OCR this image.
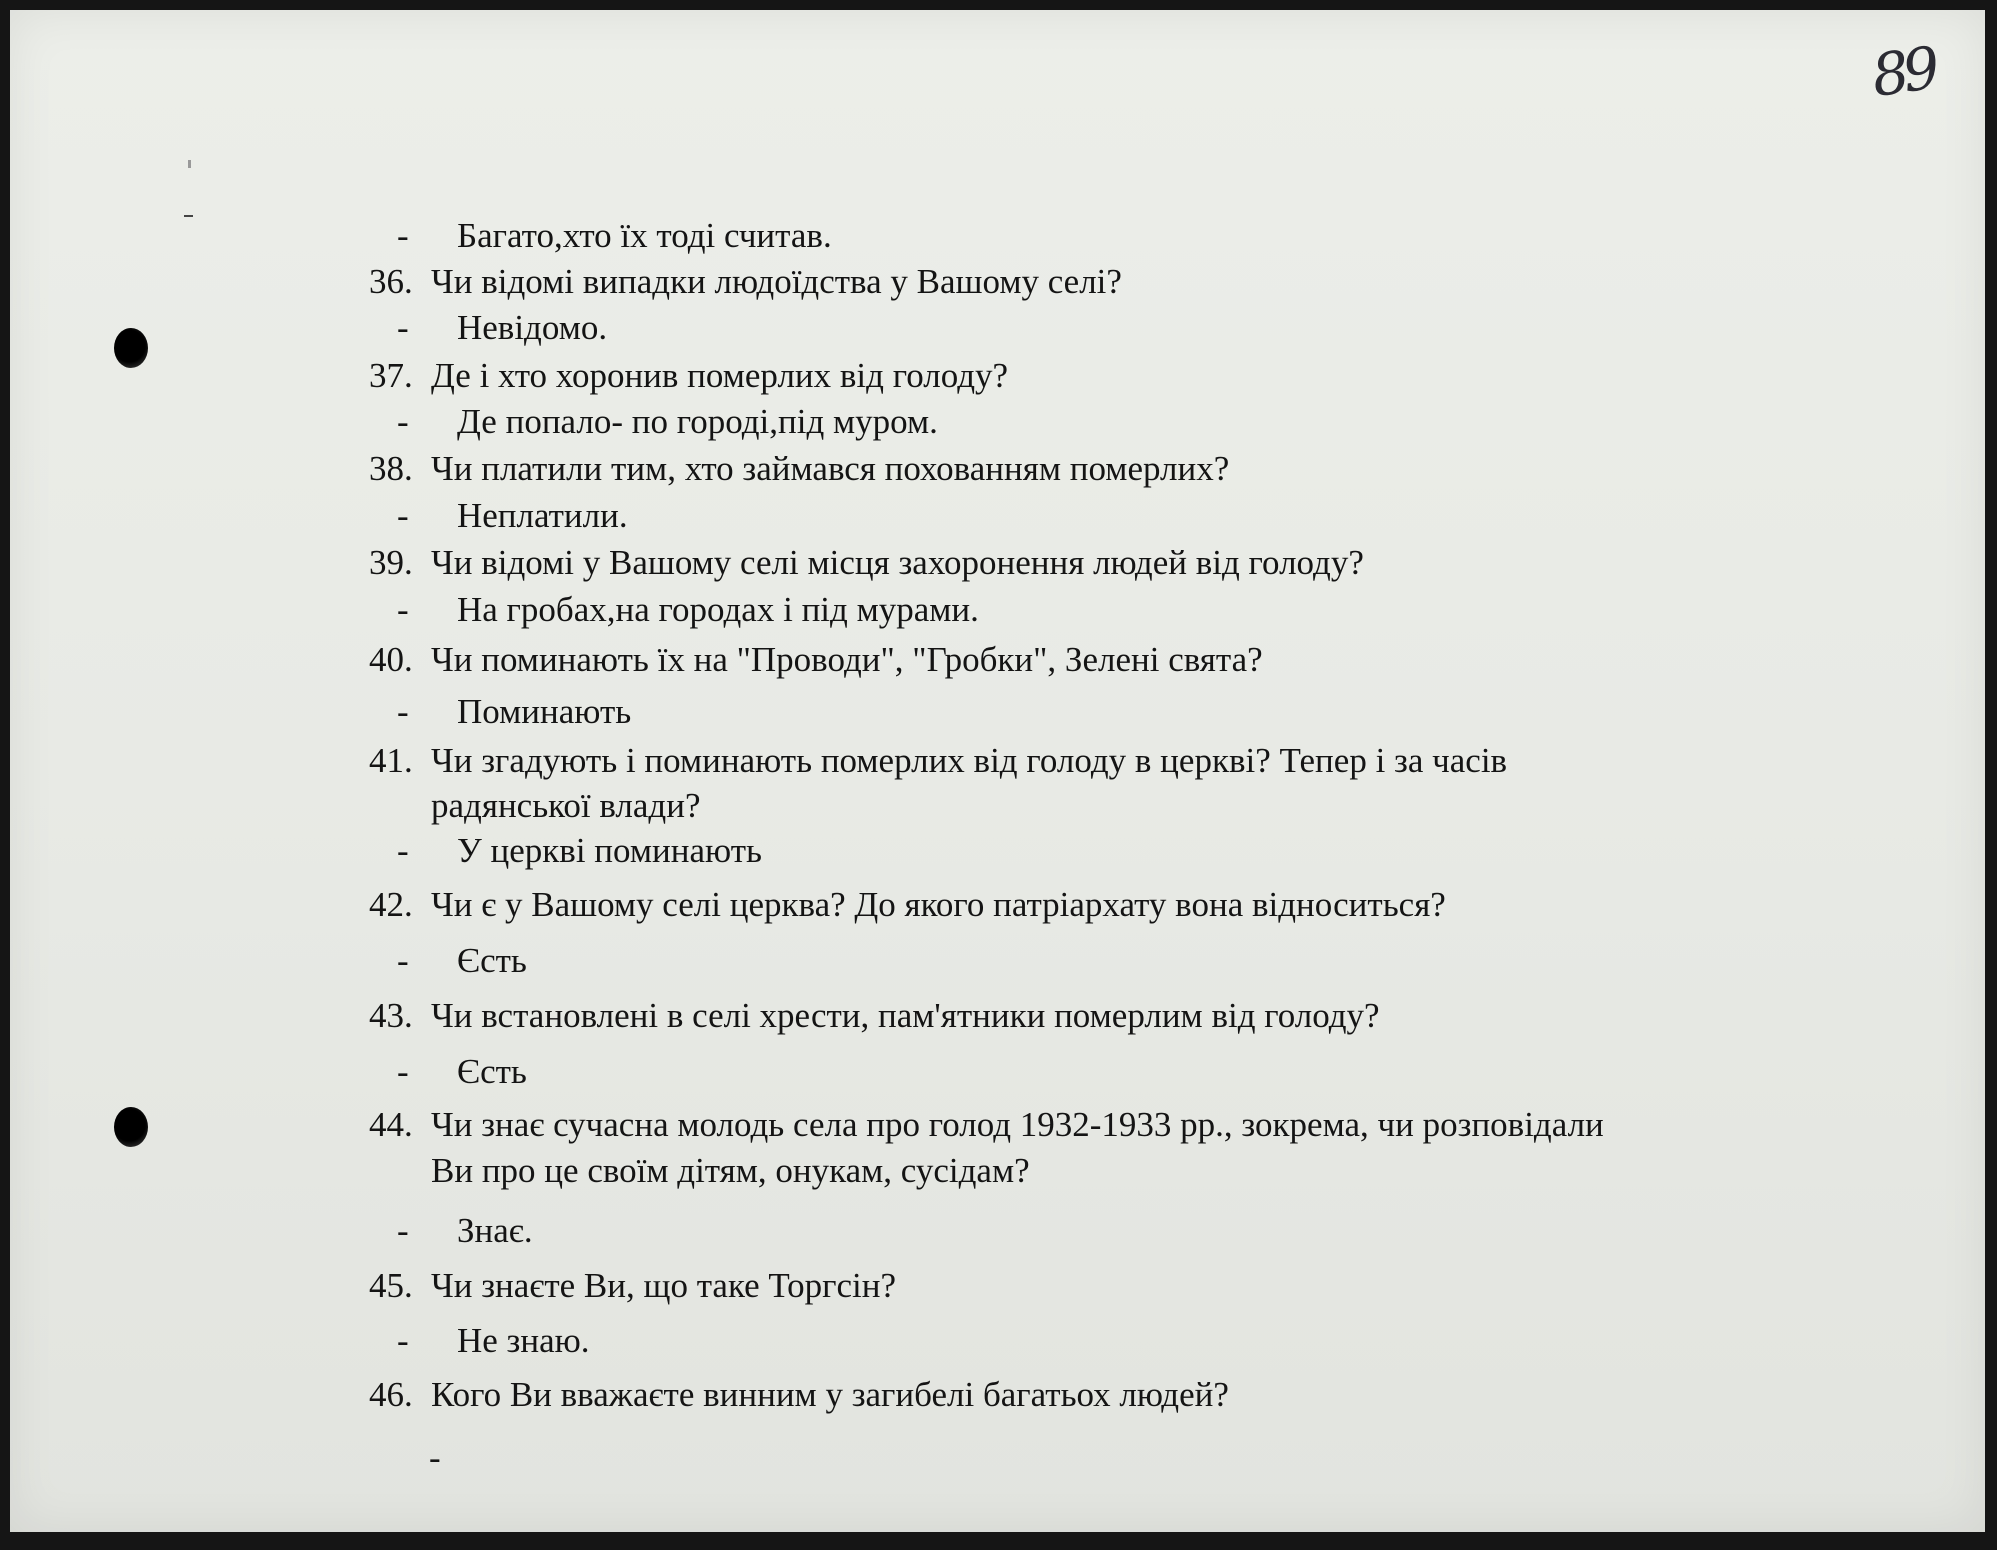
89
- Багато,хто їх тоді считав.
36. Чи відомі випадки людоїдства у Вашому селі?
- Невідомо.
37. Де і хто хоронив померлих від голоду?
- Де попало- по городі,під муром.
38. Чи платили тим, хто займався похованням померлих?
- Неплатили.
39. Чи відомі у Вашому селі місця захоронення людей від голоду?
- На гробах,на городах і під мурами.
40. Чи поминають їх на "Проводи", "Гробки", Зелені свята?
- Поминають
41. Чи згадують і поминають померлих від голоду в церкві? Тепер і за часів
радянської влади?
- У церкві поминають
42. Чи є у Вашому селі церква? До якого патріархату вона відноситься?
- Єсть
43. Чи встановлені в селі хрести, пам'ятники померлим від голоду?
- Єсть
44. Чи знає сучасна молодь села про голод 1932-1933 рр., зокрема, чи розповідали
Ви про це своїм дітям, онукам, сусідам?
- Знає.
45. Чи знаєте Ви, що таке Торгсін?
- Не знаю.
46. Кого Ви вважаєте винним у загибелі багатьох людей?
-
